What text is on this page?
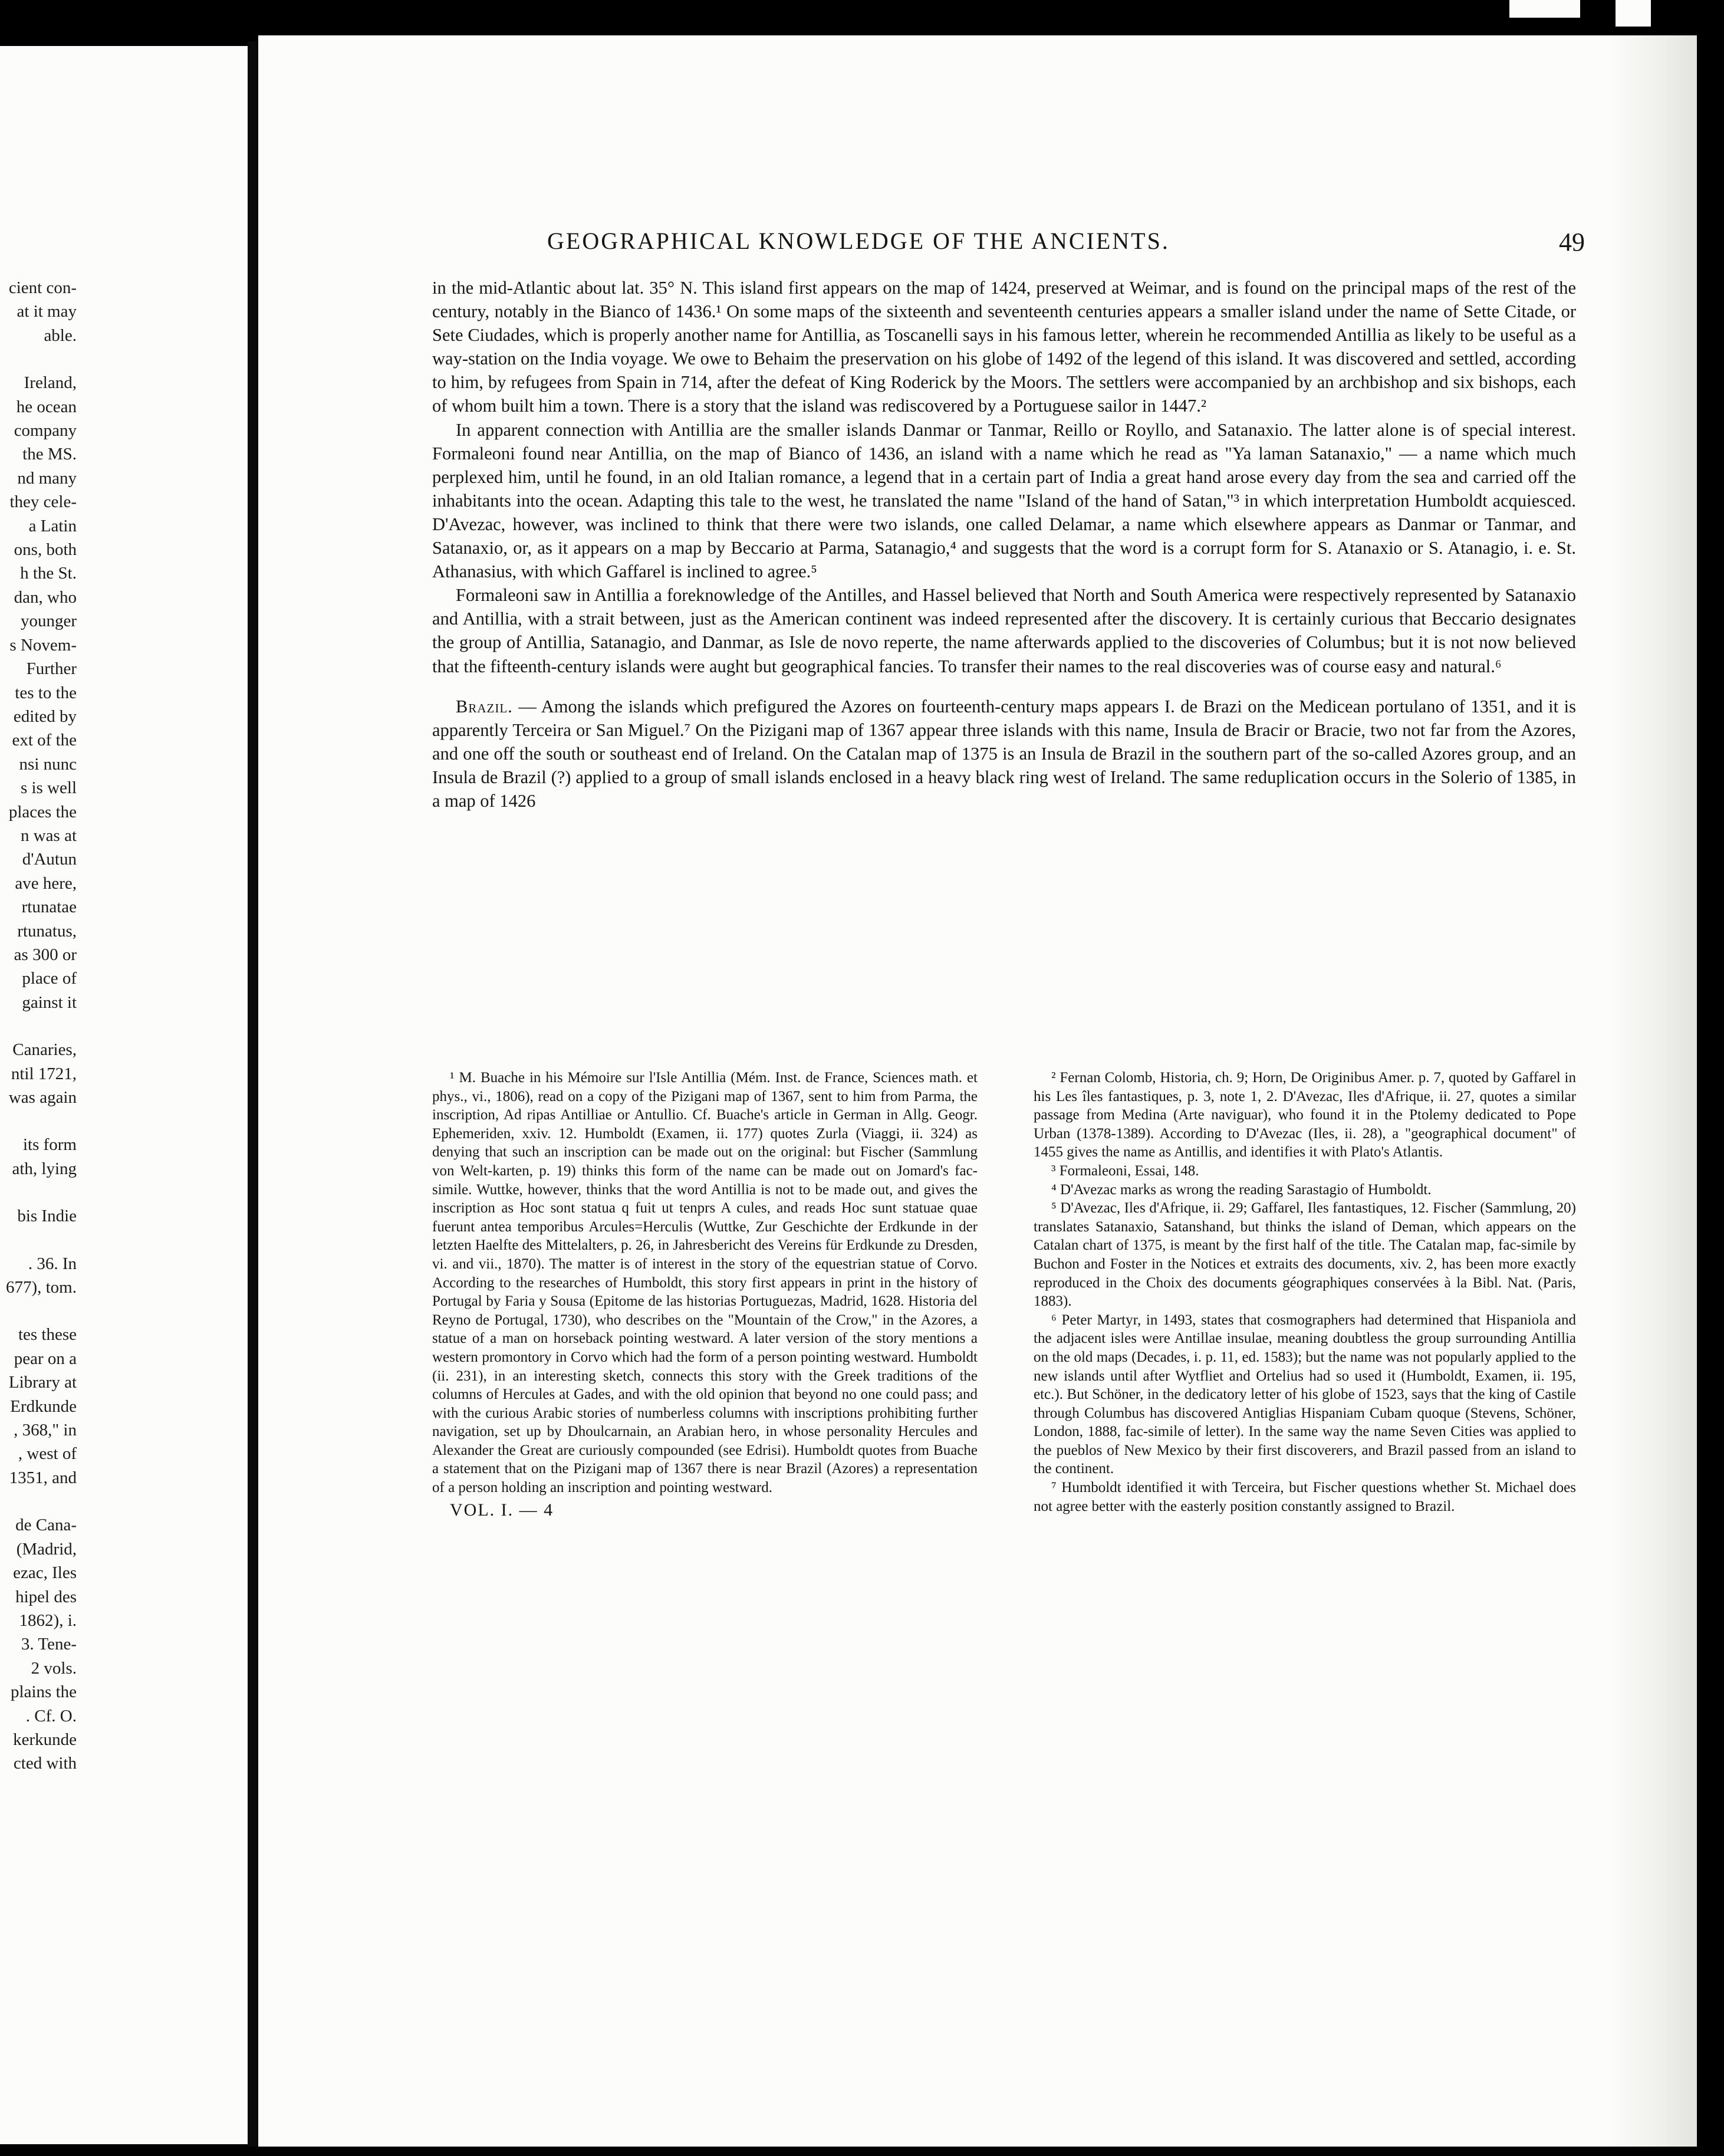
cient con-
at it may
able.
Ireland,
he ocean
company
the MS.
nd many
they cele-
a Latin
ons, both
h the St.
dan, who
younger
s Novem-
Further
tes to the
edited by
ext of the
nsi nunc
s is well
places the
n was at
d'Autun
ave here,
rtunatae
rtunatus,
as 300 or
place of
gainst it
Canaries,
ntil 1721,
was again
its form
ath, lying
bis Indie
. 36. In
677), tom.
tes these
pear on a
Library at
Erdkunde
, 368," in
, west of
1351, and
de Cana-
(Madrid,
ezac, Iles
hipel des
1862), i.
3. Tene-
2 vols.
plains the
. Cf. O.
kerkunde
cted with
GEOGRAPHICAL KNOWLEDGE OF THE ANCIENTS.	49

in the mid-Atlantic about lat. 35° N. This island first appears on the map of 1424, preserved at Weimar, and is found on the principal maps of the rest of the century, notably in the Bianco of 1436.¹ On some maps of the sixteenth and seventeenth centuries appears a smaller island under the name of Sette Citade, or Sete Ciudades, which is properly another name for Antillia, as Toscanelli says in his famous letter, wherein he recommended Antillia as likely to be useful as a way-station on the India voyage. We owe to Behaim the preservation on his globe of 1492 of the legend of this island. It was discovered and settled, according to him, by refugees from Spain in 714, after the defeat of King Roderick by the Moors. The settlers were accompanied by an archbishop and six bishops, each of whom built him a town. There is a story that the island was rediscovered by a Portuguese sailor in 1447.²

In apparent connection with Antillia are the smaller islands Danmar or Tanmar, Reillo or Royllo, and Satanaxio. The latter alone is of special interest. Formaleoni found near Antillia, on the map of Bianco of 1436, an island with a name which he read as "Ya laman Satanaxio," — a name which much perplexed him, until he found, in an old Italian romance, a legend that in a certain part of India a great hand arose every day from the sea and carried off the inhabitants into the ocean. Adapting this tale to the west, he translated the name "Island of the hand of Satan,"³ in which interpretation Humboldt acquiesced. D'Avezac, however, was inclined to think that there were two islands, one called Delamar, a name which elsewhere appears as Danmar or Tanmar, and Satanaxio, or, as it appears on a map by Beccario at Parma, Satanagio,⁴ and suggests that the word is a corrupt form for S. Atanaxio or S. Atanagio, i. e. St. Athanasius, with which Gaffarel is inclined to agree.⁵

Formaleoni saw in Antillia a foreknowledge of the Antilles, and Hassel believed that North and South America were respectively represented by Satanaxio and Antillia, with a strait between, just as the American continent was indeed represented after the discovery. It is certainly curious that Beccario designates the group of Antillia, Satanagio, and Danmar, as Isle de novo reperte, the name afterwards applied to the discoveries of Columbus; but it is not now believed that the fifteenth-century islands were aught but geographical fancies. To transfer their names to the real discoveries was of course easy and natural.⁶

Brazil. — Among the islands which prefigured the Azores on fourteenth-century maps appears I. de Brazi on the Medicean portulano of 1351, and it is apparently Terceira or San Miguel.⁷ On the Pizigani map of 1367 appear three islands with this name, Insula de Bracir or Bracie, two not far from the Azores, and one off the south or southeast end of Ireland. On the Catalan map of 1375 is an Insula de Brazil in the southern part of the so-called Azores group, and an Insula de Brazil (?) applied to a group of small islands enclosed in a heavy black ring west of Ireland. The same reduplication occurs in the Solerio of 1385, in a map of 1426

¹ M. Buache in his Mémoire sur l'Isle Antillia (Mém. Inst. de France, Sciences math. et phys., vi., 1806), read on a copy of the Pizigani map of 1367, sent to him from Parma, the inscription, Ad ripas Antilliae or Antullio. Cf. Buache's article in German in Allg. Geogr. Ephemeriden, xxiv. 12. Humboldt (Examen, ii. 177) quotes Zurla (Viaggi, ii. 324) as denying that such an inscription can be made out on the original: but Fischer (Sammlung von Welt-karten, p. 19) thinks this form of the name can be made out on Jomard's fac-simile. Wuttke, however, thinks that the word Antillia is not to be made out, and gives the inscription as Hoc sont statua q fuit ut tenprs A cules, and reads Hoc sunt statuae quae fuerunt antea temporibus Arcules=Herculis (Wuttke, Zur Geschichte der Erdkunde in der letzten Haelfte des Mittelalters, p. 26, in Jahresbericht des Vereins für Erdkunde zu Dresden, vi. and vii., 1870). The matter is of interest in the story of the equestrian statue of Corvo. According to the researches of Humboldt, this story first appears in print in the history of Portugal by Faria y Sousa (Epitome de las historias Portuguezas, Madrid, 1628. Historia del Reyno de Portugal, 1730), who describes on the "Mountain of the Crow," in the Azores, a statue of a man on horseback pointing westward. A later version of the story mentions a western promontory in Corvo which had the form of a person pointing westward. Humboldt (ii. 231), in an interesting sketch, connects this story with the Greek traditions of the columns of Hercules at Gades, and with the old opinion that beyond no one could pass; and with the curious Arabic stories of numberless columns with inscriptions prohibiting further navigation, set up by Dhoulcarnain, an Arabian hero, in whose personality Hercules and Alexander the Great are curiously compounded (see Edrisi). Humboldt quotes from Buache a statement that on the Pizigani map of 1367 there is near Brazil (Azores) a representation of a person holding an inscription and pointing westward.

VOL. I. — 4

² Fernan Colomb, Historia, ch. 9; Horn, De Originibus Amer. p. 7, quoted by Gaffarel in his Les îles fantastiques, p. 3, note 1, 2. D'Avezac, Iles d'Afrique, ii. 27, quotes a similar passage from Medina (Arte naviguar), who found it in the Ptolemy dedicated to Pope Urban (1378-1389). According to D'Avezac (Iles, ii. 28), a "geographical document" of 1455 gives the name as Antillis, and identifies it with Plato's Atlantis.

³ Formaleoni, Essai, 148.

⁴ D'Avezac marks as wrong the reading Sarastagio of Humboldt.

⁵ D'Avezac, Iles d'Afrique, ii. 29; Gaffarel, Iles fantastiques, 12. Fischer (Sammlung, 20) translates Satanaxio, Satanshand, but thinks the island of Deman, which appears on the Catalan chart of 1375, is meant by the first half of the title. The Catalan map, fac-simile by Buchon and Foster in the Notices et extraits des documents, xiv. 2, has been more exactly reproduced in the Choix des documents géographiques conservées à la Bibl. Nat. (Paris, 1883).

⁶ Peter Martyr, in 1493, states that cosmographers had determined that Hispaniola and the adjacent isles were Antillae insulae, meaning doubtless the group surrounding Antillia on the old maps (Decades, i. p. 11, ed. 1583); but the name was not popularly applied to the new islands until after Wytfliet and Ortelius had so used it (Humboldt, Examen, ii. 195, etc.). But Schöner, in the dedicatory letter of his globe of 1523, says that the king of Castile through Columbus has discovered Antiglias Hispaniam Cubam quoque (Stevens, Schöner, London, 1888, fac-simile of letter). In the same way the name Seven Cities was applied to the pueblos of New Mexico by their first discoverers, and Brazil passed from an island to the continent.

⁷ Humboldt identified it with Terceira, but Fischer questions whether St. Michael does not agree better with the easterly position constantly assigned to Brazil.
